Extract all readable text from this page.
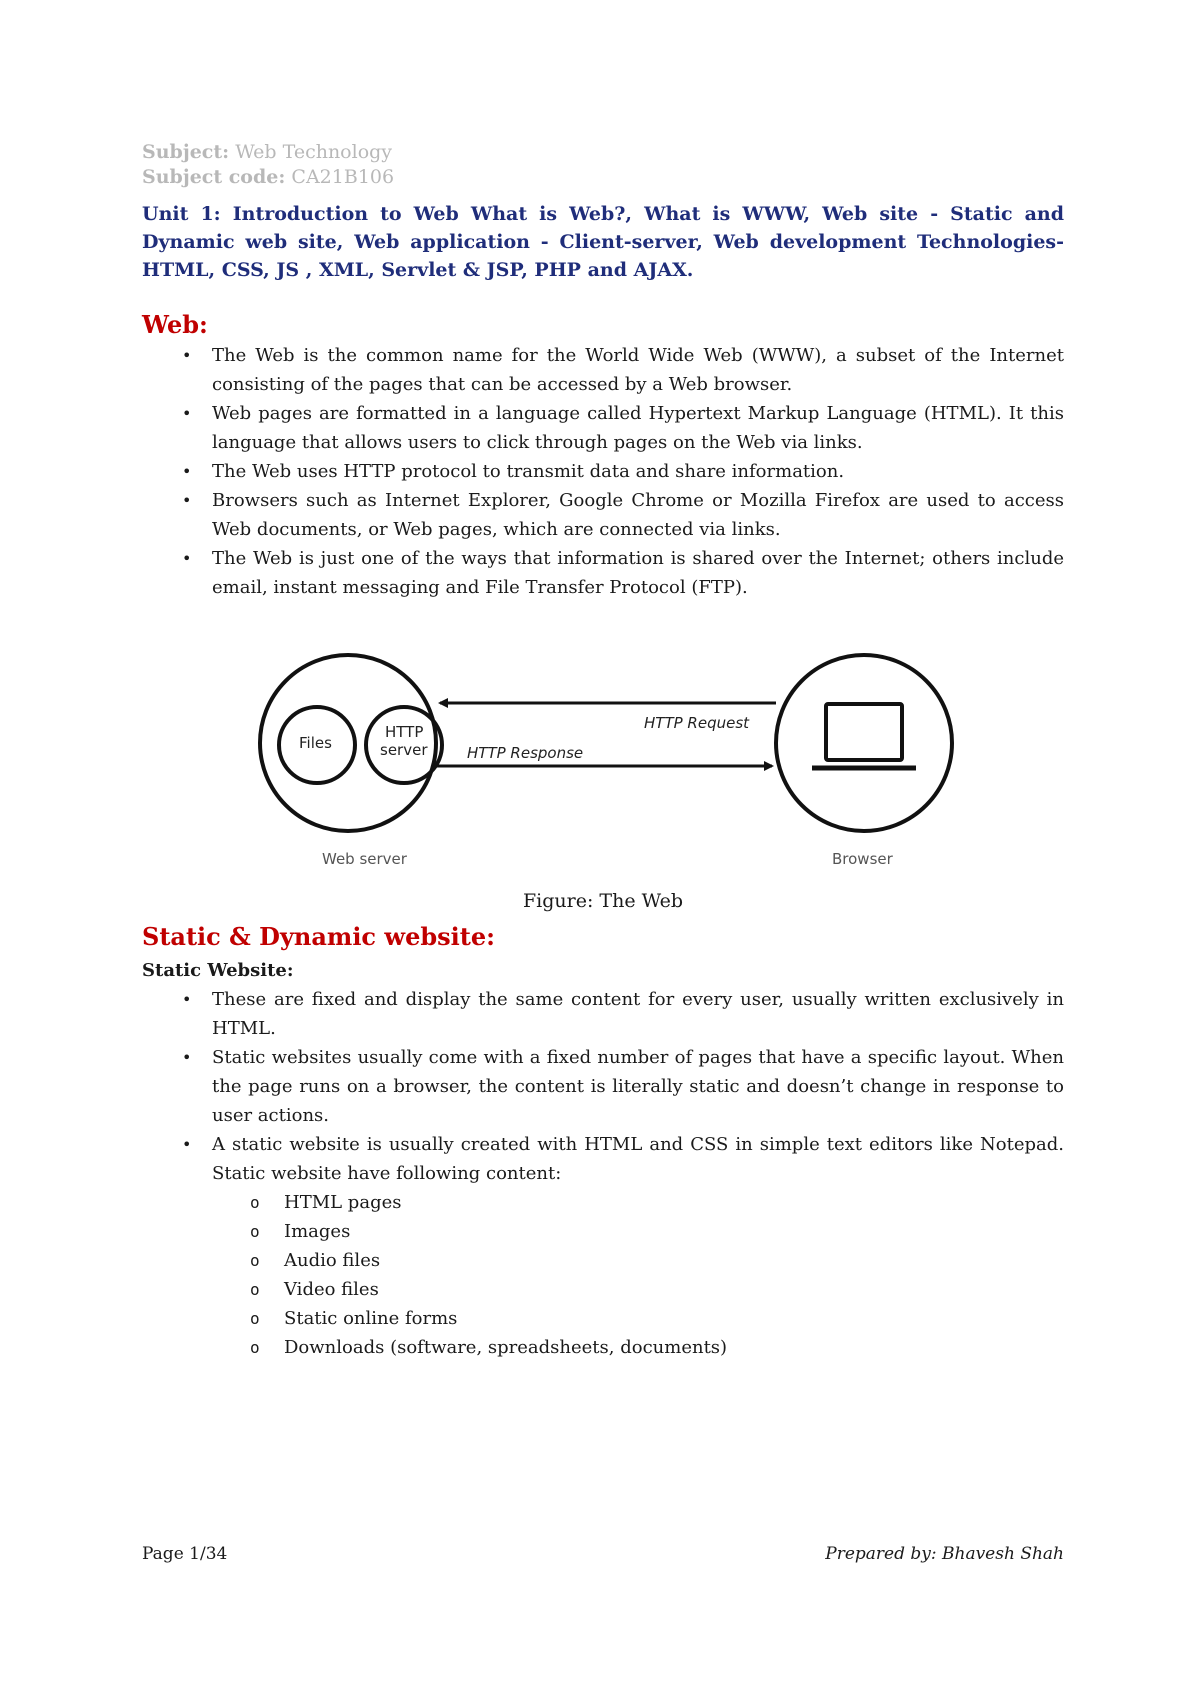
Subject: Web Technology
Subject code: CA21B106
Unit 1: Introduction to Web What is Web?, What is WWW, Web site - Static and Dynamic web site, Web application - Client-server, Web development Technologies- HTML, CSS, JS , XML, Servlet & JSP, PHP and AJAX.
Web:
• The Web is the common name for the World Wide Web (WWW), a subset of the Internet consisting of the pages that can be accessed by a Web browser.
• Web pages are formatted in a language called Hypertext Markup Language (HTML). It this language that allows users to click through pages on the Web via links.
• The Web uses HTTP protocol to transmit data and share information.
• Browsers such as Internet Explorer, Google Chrome or Mozilla Firefox are used to access Web documents, or Web pages, which are connected via links.
• The Web is just one of the ways that information is shared over the Internet; others include email, instant messaging and File Transfer Protocol (FTP).
Files
HTTP
server
HTTP Request
HTTP Response
Web server	Browser
Figure: The Web
Static & Dynamic website:
Static Website:
• These are fixed and display the same content for every user, usually written exclusively in HTML.
• Static websites usually come with a fixed number of pages that have a specific layout. When the page runs on a browser, the content is literally static and doesn’t change in response to user actions.
• A static website is usually created with HTML and CSS in simple text editors like Notepad. Static website have following content:
o HTML pages
o Images
o Audio files
o Video files
o Static online forms
o Downloads (software, spreadsheets, documents)
Page 1/34	Prepared by: Bhavesh Shah
